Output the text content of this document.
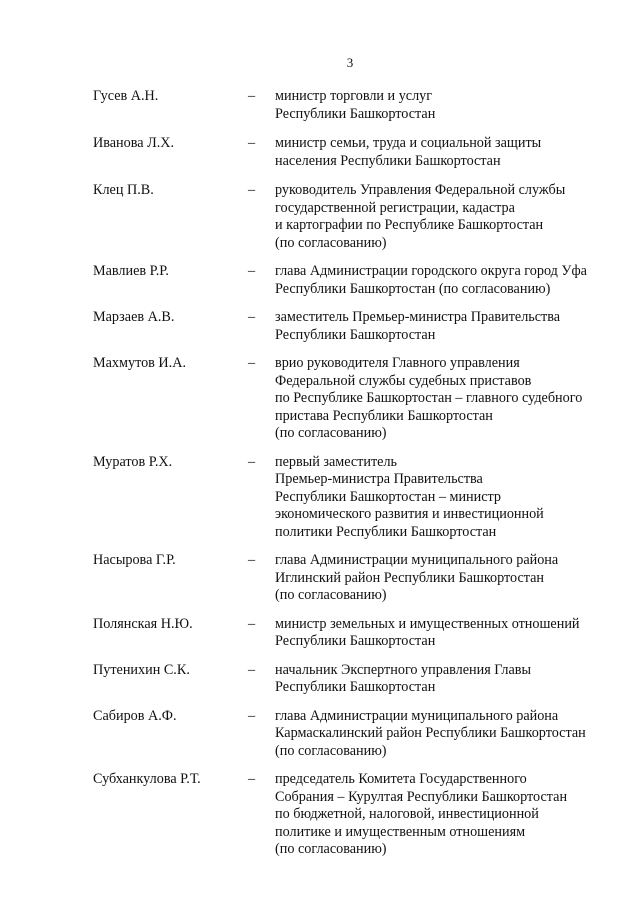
3
Гусев А.Н.	–	министр торговли и услуг
Республики Башкортостан
Иванова Л.Х.	–	министр семьи, труда и социальной защиты
населения Республики Башкортостан
Клец П.В.	–	руководитель Управления Федеральной службы
государственной регистрации, кадастра
и картографии по Республике Башкортостан
(по согласованию)
Мавлиев Р.Р.	–	глава Администрации городского округа город Уфа
Республики Башкортостан (по согласованию)
Марзаев А.В.	–	заместитель Премьер-министра Правительства
Республики Башкортостан
Махмутов И.А.	–	врио руководителя Главного управления
Федеральной службы судебных приставов
по Республике Башкортостан – главного судебного
пристава Республики Башкортостан
(по согласованию)
Муратов Р.Х.	–	первый заместитель
Премьер-министра Правительства
Республики Башкортостан – министр
экономического развития и инвестиционной
политики Республики Башкортостан
Насырова Г.Р.	–	глава Администрации муниципального района
Иглинский район Республики Башкортостан
(по согласованию)
Полянская Н.Ю.	–	министр земельных и имущественных отношений
Республики Башкортостан
Путенихин С.К.	–	начальник Экспертного управления Главы
Республики Башкортостан
Сабиров А.Ф.	–	глава Администрации муниципального района
Кармаскалинский район Республики Башкортостан
(по согласованию)
Субханкулова Р.Т.	–	председатель Комитета Государственного
Собрания – Курултая Республики Башкортостан
по бюджетной, налоговой, инвестиционной
политике и имущественным отношениям
(по согласованию)
